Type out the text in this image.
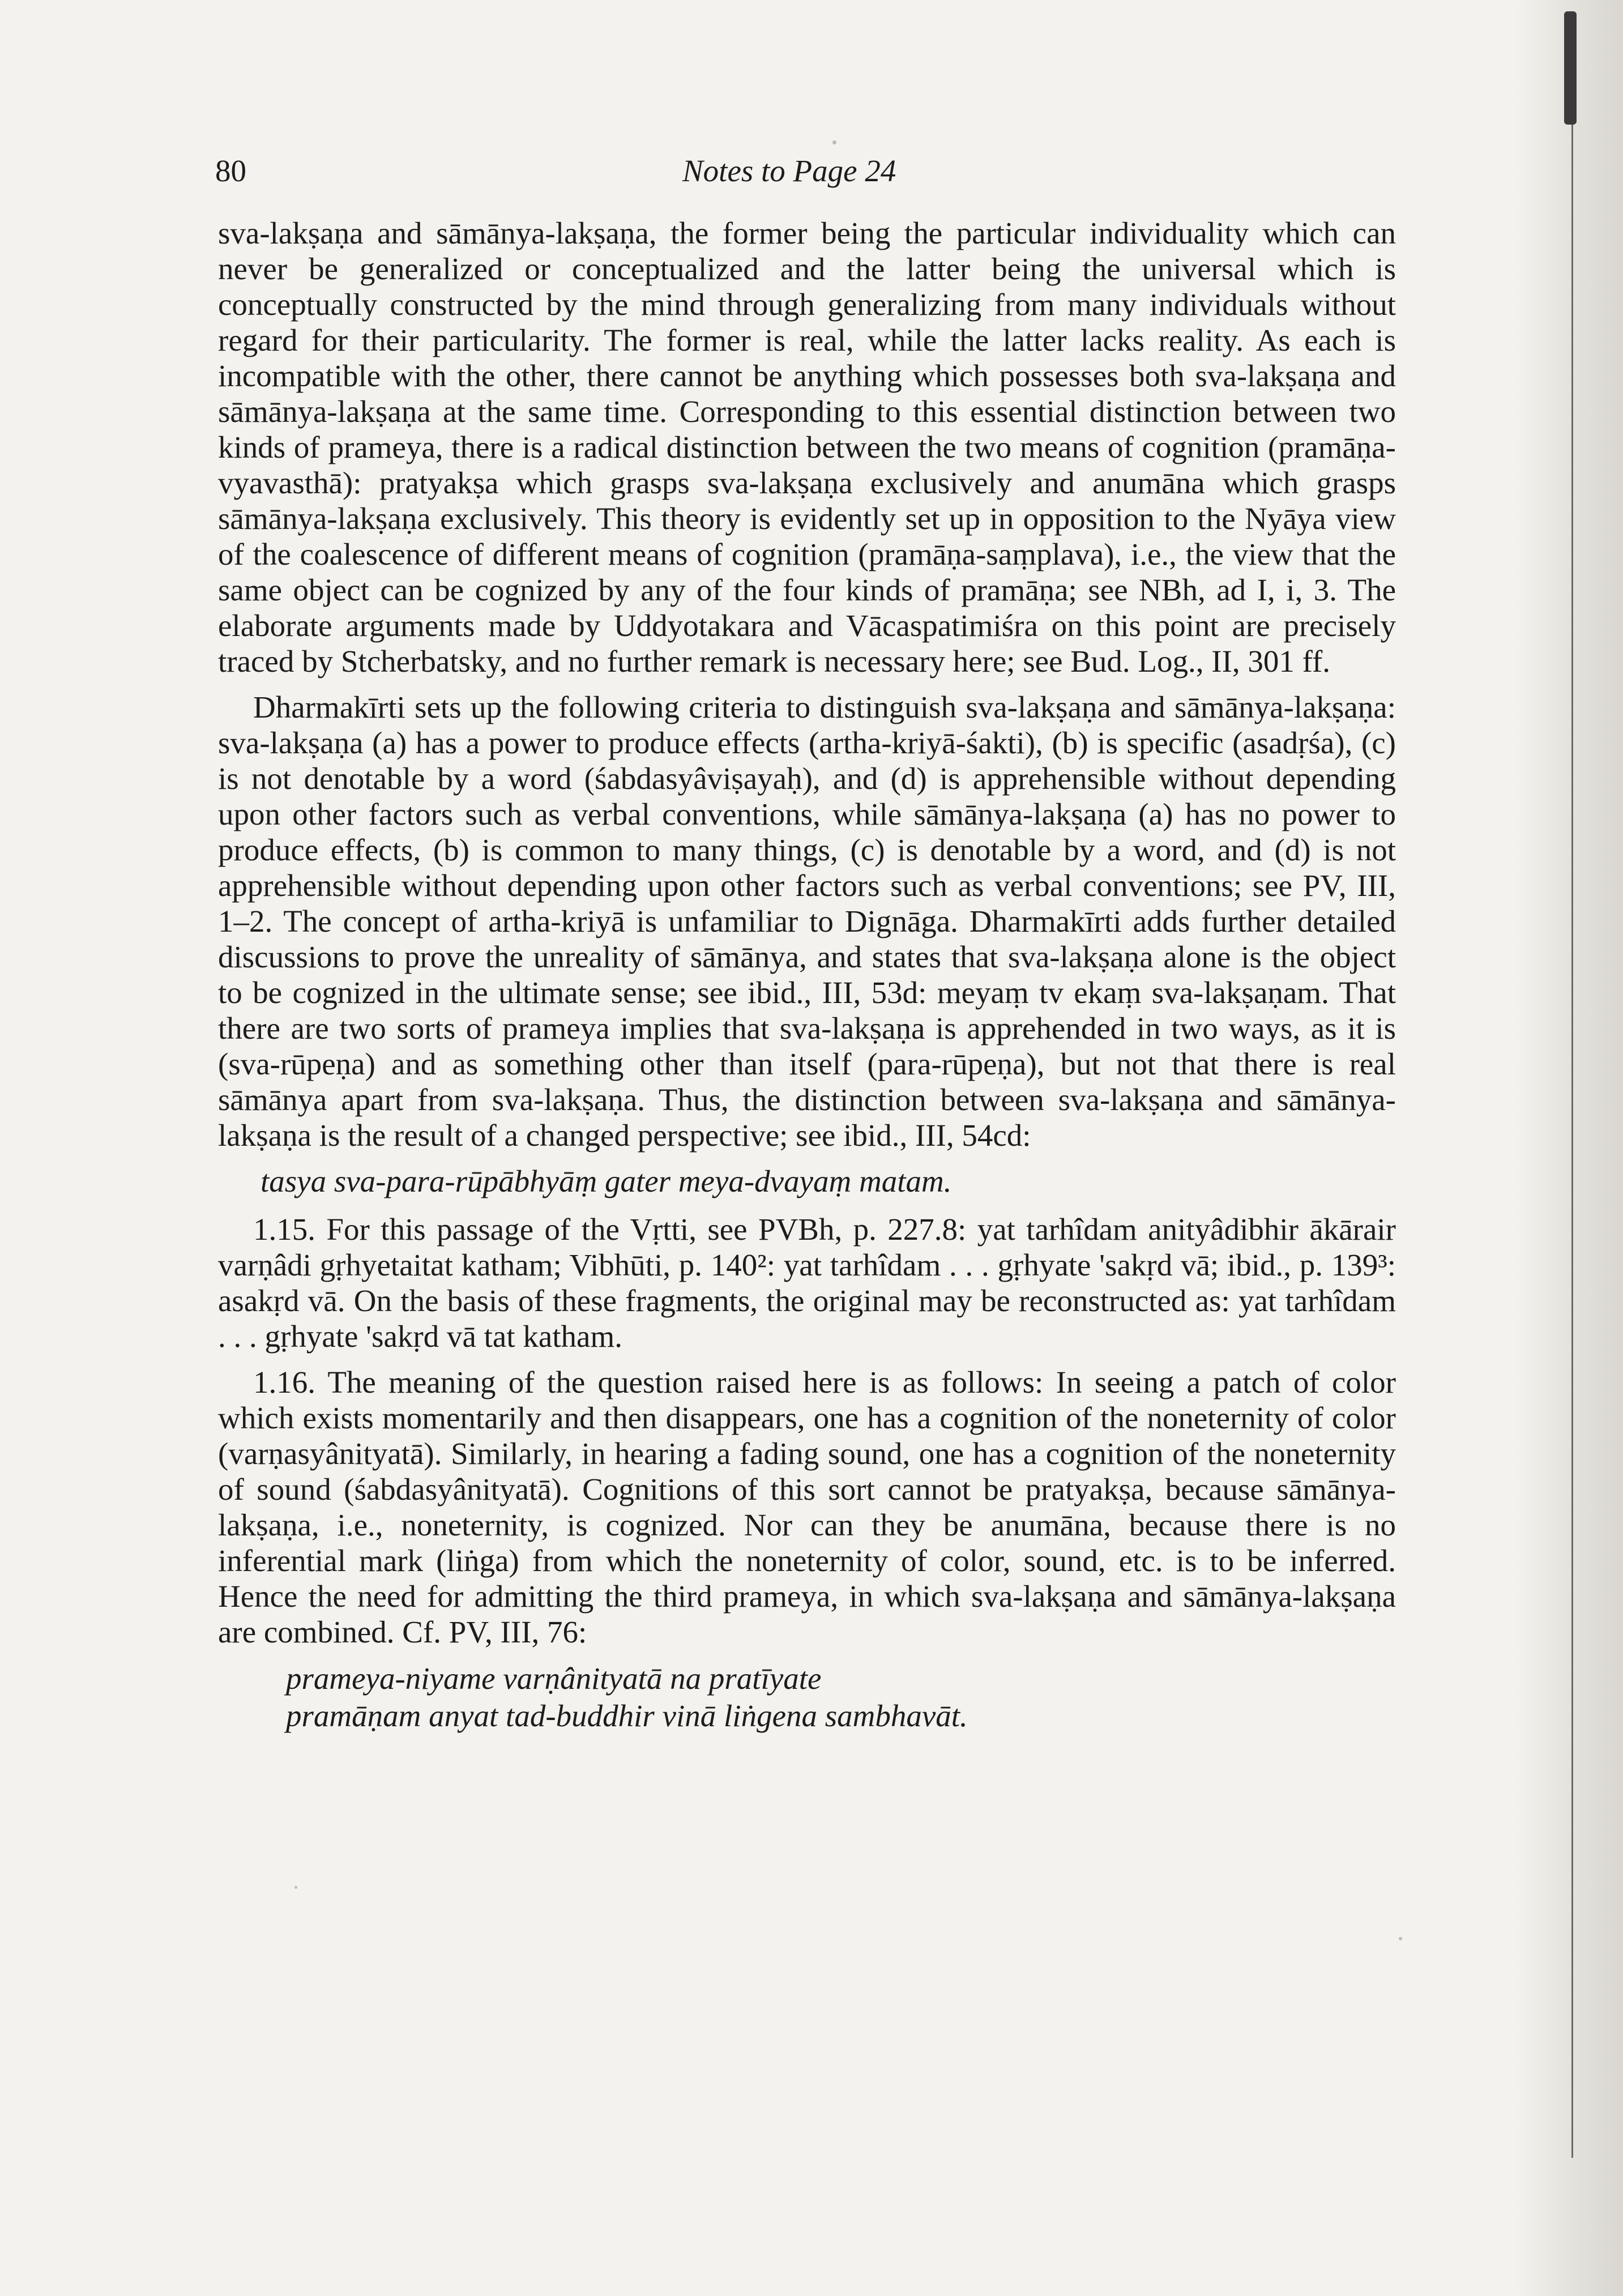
80	Notes to Page 24

sva-lakṣaṇa and sāmānya-lakṣaṇa, the former being the particular individuality which can never be generalized or conceptualized and the latter being the universal which is conceptually constructed by the mind through generalizing from many individuals without regard for their particularity. The former is real, while the latter lacks reality. As each is incompatible with the other, there cannot be anything which possesses both sva-lakṣaṇa and sāmānya-lakṣaṇa at the same time. Corresponding to this essential distinction between two kinds of prameya, there is a radical distinction between the two means of cognition (pramāṇa-vyavasthā): pratyakṣa which grasps sva-lakṣaṇa exclusively and anumāna which grasps sāmānya-lakṣaṇa exclusively. This theory is evidently set up in opposition to the Nyāya view of the coalescence of different means of cognition (pramāṇa-saṃplava), i.e., the view that the same object can be cognized by any of the four kinds of pramāṇa; see NBh, ad I, i, 3. The elaborate arguments made by Uddyotakara and Vācaspatimiśra on this point are precisely traced by Stcherbatsky, and no further remark is necessary here; see Bud. Log., II, 301 ff.

Dharmakīrti sets up the following criteria to distinguish sva-lakṣaṇa and sāmānya-lakṣaṇa: sva-lakṣaṇa (a) has a power to produce effects (artha-kriyā-śakti), (b) is specific (asadṛśa), (c) is not denotable by a word (śabdasyâviṣayaḥ), and (d) is apprehensible without depending upon other factors such as verbal conventions, while sāmānya-lakṣaṇa (a) has no power to produce effects, (b) is common to many things, (c) is denotable by a word, and (d) is not apprehensible without depending upon other factors such as verbal conventions; see PV, III, 1–2. The concept of artha-kriyā is unfamiliar to Dignāga. Dharmakīrti adds further detailed discussions to prove the unreality of sāmānya, and states that sva-lakṣaṇa alone is the object to be cognized in the ultimate sense; see ibid., III, 53d: meyaṃ tv ekaṃ sva-lakṣaṇam. That there are two sorts of prameya implies that sva-lakṣaṇa is apprehended in two ways, as it is (sva-rūpeṇa) and as something other than itself (para-rūpeṇa), but not that there is real sāmānya apart from sva-lakṣaṇa. Thus, the distinction between sva-lakṣaṇa and sāmānya-lakṣaṇa is the result of a changed perspective; see ibid., III, 54cd:

tasya sva-para-rūpābhyāṃ gater meya-dvayaṃ matam.

1.15. For this passage of the Vṛtti, see PVBh, p. 227.8: yat tarhîdam anityâdibhir ākārair varṇâdi gṛhyetaitat katham; Vibhūti, p. 140²: yat tarhîdam . . . gṛhyate 'sakṛd vā; ibid., p. 139³: asakṛd vā. On the basis of these fragments, the original may be reconstructed as: yat tarhîdam . . . gṛhyate 'sakṛd vā tat katham.

1.16. The meaning of the question raised here is as follows: In seeing a patch of color which exists momentarily and then disappears, one has a cognition of the noneternity of color (varṇasyânityatā). Similarly, in hearing a fading sound, one has a cognition of the noneternity of sound (śabdasyânityatā). Cognitions of this sort cannot be pratyakṣa, because sāmānya-lakṣaṇa, i.e., noneternity, is cognized. Nor can they be anumāna, because there is no inferential mark (liṅga) from which the noneternity of color, sound, etc. is to be inferred. Hence the need for admitting the third prameya, in which sva-lakṣaṇa and sāmānya-lakṣaṇa are combined. Cf. PV, III, 76:

prameya-niyame varṇânityatā na pratīyate
pramāṇam anyat tad-buddhir vinā liṅgena sambhavāt.
